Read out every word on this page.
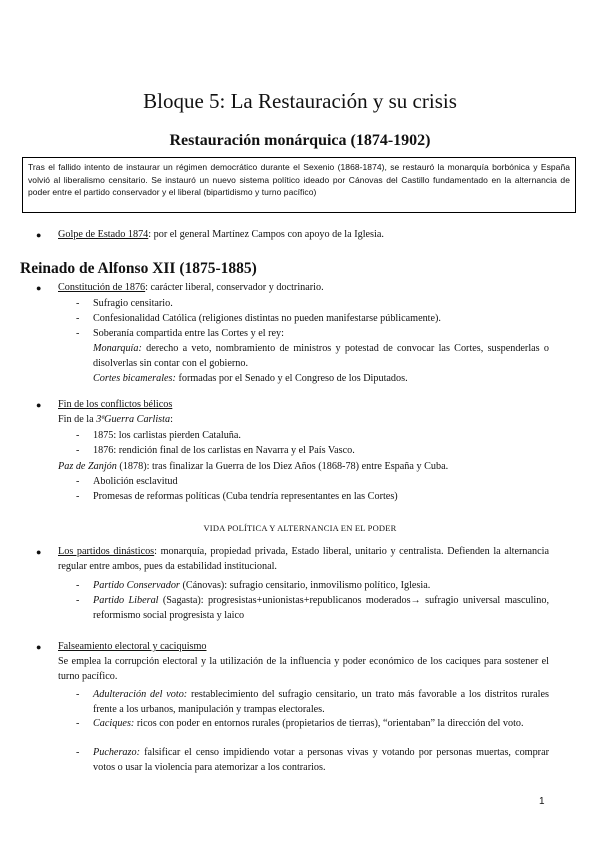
Bloque 5: La Restauración y su crisis
Restauración monárquica (1874-1902)
Tras el fallido intento de instaurar un régimen democrático durante el Sexenio (1868-1874), se restauró la monarquía borbónica y España volvió al liberalismo censitario. Se instauró un nuevo sistema político ideado por Cánovas del Castillo fundamentado en la alternancia de poder entre el partido conservador y el liberal (bipartidismo y turno pacífico)
● Golpe de Estado 1874: por el general Martínez Campos con apoyo de la Iglesia.
Reinado de Alfonso XII (1875-1885)
● Constitución de 1876: carácter liberal, conservador y doctrinario.
- Sufragio censitario.
- Confesionalidad Católica (religiones distintas no pueden manifestarse públicamente).
- Soberanía compartida entre las Cortes y el rey:
Monarquía: derecho a veto, nombramiento de ministros y potestad de convocar las Cortes, suspenderlas o disolverlas sin contar con el gobierno.
Cortes bicamerales: formadas por el Senado y el Congreso de los Diputados.
● Fin de los conflictos bélicos
Fin de la 3ªGuerra Carlista:
- 1875: los carlistas pierden Cataluña.
- 1876: rendición final de los carlistas en Navarra y el País Vasco.
Paz de Zanjón (1878): tras finalizar la Guerra de los Diez Años (1868-78) entre España y Cuba.
- Abolición esclavitud
- Promesas de reformas políticas (Cuba tendría representantes en las Cortes)
VIDA POLÍTICA Y ALTERNANCIA EN EL PODER
● Los partidos dinásticos: monarquía, propiedad privada, Estado liberal, unitario y centralista. Defienden la alternancia regular entre ambos, pues da estabilidad institucional.
- Partido Conservador (Cánovas): sufragio censitario, inmovilismo político, Iglesia.
- Partido Liberal (Sagasta): progresistas+unionistas+republicanos moderados→ sufragio universal masculino, reformismo social progresista y laico
● Falseamiento electoral y caciquismo
Se emplea la corrupción electoral y la utilización de la influencia y poder económico de los caciques para sostener el turno pacífico.
- Adulteración del voto: restablecimiento del sufragio censitario, un trato más favorable a los distritos rurales frente a los urbanos, manipulación y trampas electorales.
- Caciques: ricos con poder en entornos rurales (propietarios de tierras), “orientaban” la dirección del voto.
- Pucherazo: falsificar el censo impidiendo votar a personas vivas y votando por personas muertas, comprar votos o usar la violencia para atemorizar a los contrarios.
1
